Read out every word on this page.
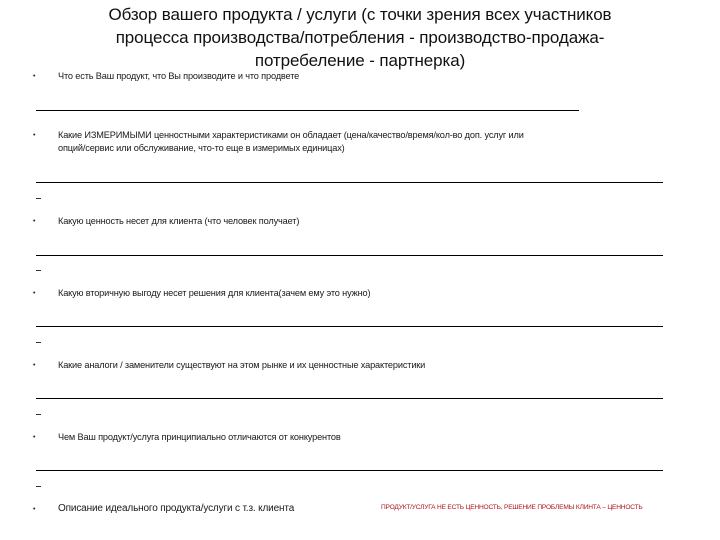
Обзор вашего продукта / услуги (с точки зрения всех участников
процесса производства/потребления - производство-продажа-
потребеление - партнерка)
• Что есть Ваш продукт, что Вы производите и что продвете
• Какие ИЗМЕРИМЫМИ ценностными характеристиками он обладает (цена/качество/время/кол-во доп. услуг или
опций/сервис или обслуживание, что-то еще в измеримых единицах)
• Какую ценность несет для клиента (что человек получает)
• Какую вторичную выгоду несет решения для клиента(зачем ему это нужно)
• Какие аналоги / заменители существуют на этом рынке и их ценностные характеристики
• Чем Ваш продукт/услуга принципиально отличаются от конкурентов
• Описание идеального продукта/услуги с т.з. клиента	ПРОДУКТ/УСЛУГА НЕ ЕСТЬ ЦЕННОСТЬ, РЕШЕНИЕ ПРОБЛЕМЫ КЛИНТА – ЦЕННОСТЬ
